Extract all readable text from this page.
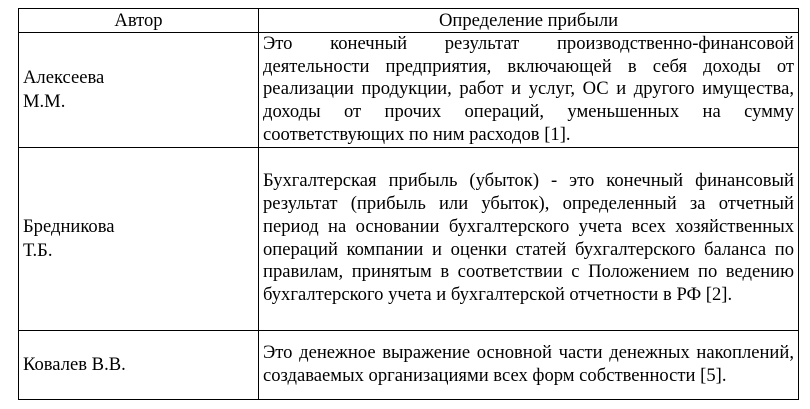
Автор	Определение прибыли

Алексеева
М.М.	Это конечный результат производственно-финансовой деятельности предприятия, включающей в себя доходы от реализации продукции, работ и услуг, ОС и другого имущества, доходы от прочих операций, уменьшенных на сумму соответствующих по ним расходов [1].

Бредникова
Т.Б.	Бухгалтерская прибыль (убыток) - это конечный финансовый результат (прибыль или убыток), определенный за отчетный период на основании бухгалтерского учета всех хозяйственных операций компании и оценки статей бухгалтерского баланса по правилам, принятым в соответствии с Положением по ведению бухгалтерского учета и бухгалтерской отчетности в РФ [2].

Ковалев В.В.	Это денежное выражение основной части денежных накоплений, создаваемых организациями всех форм собственности [5].
